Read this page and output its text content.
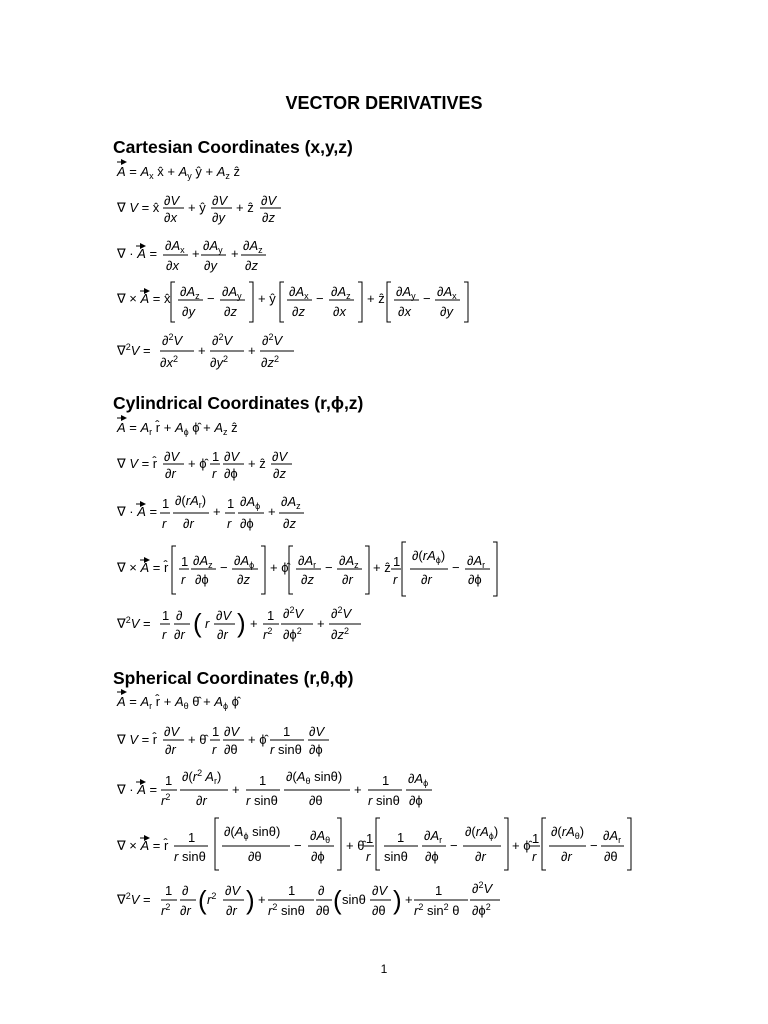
VECTOR DERIVATIVES
Cartesian Coordinates (x,y,z)
Cylindrical Coordinates (r,ϕ,z)
Spherical Coordinates (r,θ,ϕ)
$A = A_x$ x̂ + $A_y$ ŷ + $A_z$ ẑ
∇ V = x̂ ∂V
∂x
+ ŷ ∂V
∂y
+ ẑ ∂V
∂z
∇ · A =
$\partial A_x$
∂x
+
$\partial A_y$
∂y
+
$\partial A_z$
∂z
∇ × A = x̂ $\partial A_z$
∂y
− $\partial A_y$
∂z
+ ŷ $\partial A_x$
∂z
− $\partial A_z$
∂x
+ ẑ $\partial A_y$
∂x
− $\partial A_x$
∂y
∇$^2$V =
∂$^2$V
$\partial x^2$
+
∂$^2$V
$\partial y^2$
+
∂$^2$V
$\partial z^2$
$A = A_r$ r̂ + $A_\phi$ ϕ̂ + $A_z$ ẑ
∇ V = r̂ ∂V
∂r
+ ϕ̂ 1
r
∂V
∂ϕ
+ ẑ ∂V
∂z
∇ · A =
1
r
$\partial(rA_r)$
∂r
+
1
r
$\partial A_\phi$
∂ϕ
+
$\partial A_z$
∂z
∇ × A = r̂ 1
r
$\partial A_z$
∂ϕ
− $\partial A_\phi$
∂z
+ ϕ̂ $\partial A_r$
∂z
− $\partial A_z$
∂r
+ ẑ 1
r
$\partial(rA_\phi)$
∂r
− $\partial A_r$
∂ϕ
∇$^2$V =
1
r
∂
∂r ( r
∂V
∂r ) +
1
$r^2$
∂$^2$V
$\partial\phi^2$ +
∂$^2$V
$\partial z^2$
$A = A_r$ r̂ + $A_\theta$ θ̂ + $A_\phi$ ϕ̂
∇ V = r̂
∂V
∂r
+ θ̂
1
r
∂V
∂θ
+ ϕ̂
1
r sinθ
∂V
∂ϕ
∇ · A =
1
$r^2$
$\partial(r^2$ $A_r$)
∂r
+
1
r sinθ
$\partial(A_\theta$ sinθ)
∂θ
+
1
r sinθ
$\partial A_\phi$
∂ϕ
∇ × A = r̂
1
r sinθ
$\partial(A_\phi$ sinθ)
∂θ
−
$\partial A_\theta$
∂ϕ
+ θ̂ 1
r
1
sinθ
$\partial A_r$
∂ϕ
−
$\partial(rA_\phi)$
∂r
+ ϕ̂ 1
r
$\partial(rA_\theta)$
∂r
−
$\partial A_r$
∂θ
∇$^2$V =
1
$r^2$
∂
∂r ( $r^2$ ∂V
∂r ) +
1
$r^2$ sinθ
∂
∂θ ( sinθ
∂V
∂θ ) +
1
$r^2$ $\sin^2 \theta$
∂$^2$V
$\partial\phi^2$
1
